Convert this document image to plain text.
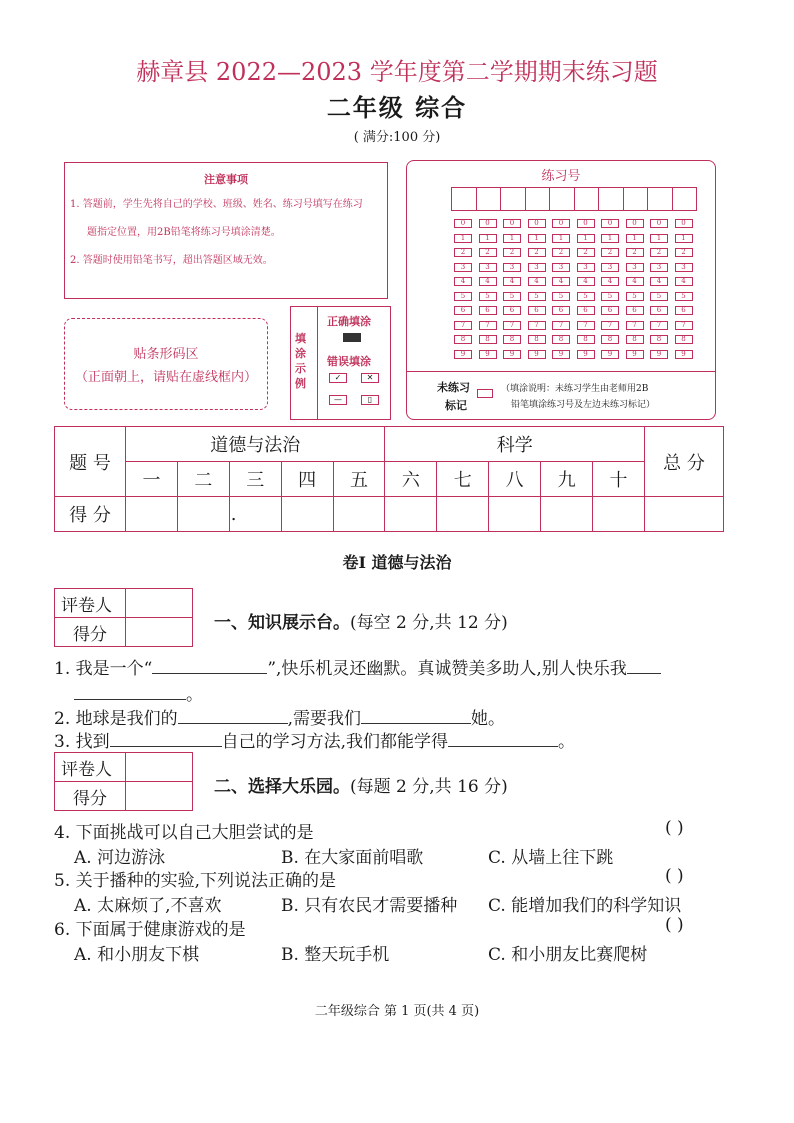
赫章县 2022—2023 学年度第二学期期末练习题
二年级 综合
( 满分:100 分)
注意事项

1. 答题前，学生先将自己的学校、班级、姓名、练习号填写在练习

题指定位置，用2B铅笔将练习号填涂清楚。

2. 答题时使用铅笔书写，超出答题区域无效。

贴条形码区
（正面朝上，请贴在虚线框内）
填涂示例
正确填涂
错误填涂
✓	✕
—	▯
练习号
0
1
2
3
4
5
6
7
8
9
0
1
2
3
4
5
6
7
8
9
0
1
2
3
4
5
6
7
8
9
0
1
2
3
4
5
6
7
8
9
0
1
2
3
4
5
6
7
8
9
0
1
2
3
4
5
6
7
8
9
0
1
2
3
4
5
6
7
8
9
0
1
2
3
4
5
6
7
8
9
0
1
2
3
4
5
6
7
8
9
0
1
2
3
4
5
6
7
8
9
未练习
标记
（填涂说明：未练习学生由老师用2B
铅笔填涂练习号及左边未练习标记）
题 号	道德与法治					科学					总 分
	一	二	三	四	五	六	七	八	九	十	
得 分			.								
卷Ⅰ 道德与法治
评卷人	
得分	
一、知识展示台。(每空 2 分,共 12 分)
1. 我是一个“	”,快乐机灵还幽默。真诚赞美多助人,别人快乐我
。
2. 地球是我们的	,需要我们	她。
3. 找到	自己的学习方法,我们都能学得	。
评卷人	
得分	
二、选择大乐园。(每题 2 分,共 16 分)
4. 下面挑战可以自己大胆尝试的是	( )
A. 河边游泳	B. 在大家面前唱歌	C. 从墙上往下跳
5. 关于播种的实验,下列说法正确的是	( )
A. 太麻烦了,不喜欢	B. 只有农民才需要播种 C. 能增加我们的科学知识
6. 下面属于健康游戏的是	( )
A. 和小朋友下棋	B. 整天玩手机	C. 和小朋友比赛爬树
二年级综合 第 1 页(共 4 页)
